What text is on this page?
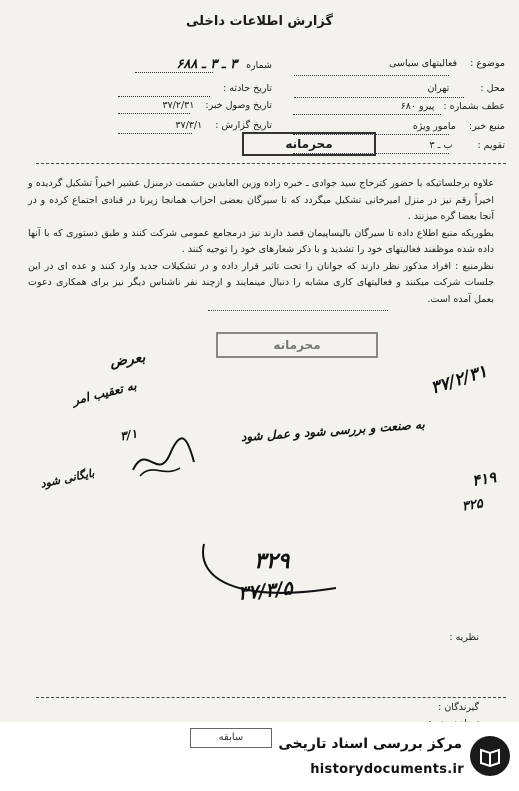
گزارش اطلاعات داخلی
موضوع : فعالیتهای سیاسی
محل : تهران
عطف بشماره : پیرو ۶۸۰
منبع خبر: مامور ویژه
تقویم : ب ـ ۳
شماره ۳ ـ ۳ ـ ۶۸۸
تاریخ حادثه :
تاریخ وصول خبر: ۳۷/۲/۳۱
تاریخ گزارش : ۳۷/۳/۱
محرمانه
علاوه برجلساتیکه با حضور کترحاج سید جوادی ـ خبره زاده وزین العابدین حشمت درمنزل عشیر اخیراً تشکیل گردیده و اخیراً رقم نیز در منزل امیرخانی تشکیل میگردد که تا سیرگان بعضی احزاب همانجا زیرنا در قنادی اجتماع کرده و در آنجا بعضا گره میزنند .
بطوریکه منبع اطلاع داده تا سیرگان بالیساپیمان قصد دارند نیز درمجامع عمومی شرکت کنند و طبق دستوری که با آنها داده شده موظفند فعالیتهای خود را تشدید و با ذکر شعارهای خود را توجیه کنند .
نظرمنبع : افراد مذکور نظر دارند که جوانان را تحت تاثیر قرار داده و در تشکیلات جدید وارد کنند و عده ای در این جلسات شرکت میکنند و فعالیتهای کاری مشابه را دنبال مینمایند و ازچند نفر ناشناس دیگر نیز برای همکاری دعوت بعمل آمده است.
محرمانه
۳۷/۲/۳۱
بعرض
به تعقیب امر
۳/۱
بایگانی شود
به صنعت و بررسی شود و عمل شود
۴۱۹
۳۲۵
۳۲۹
۳۷/۳/۵
نظریه :
گیرندگان :
سابقه	مرکز بررسی اسناد تاریخی
historydocuments.ir
